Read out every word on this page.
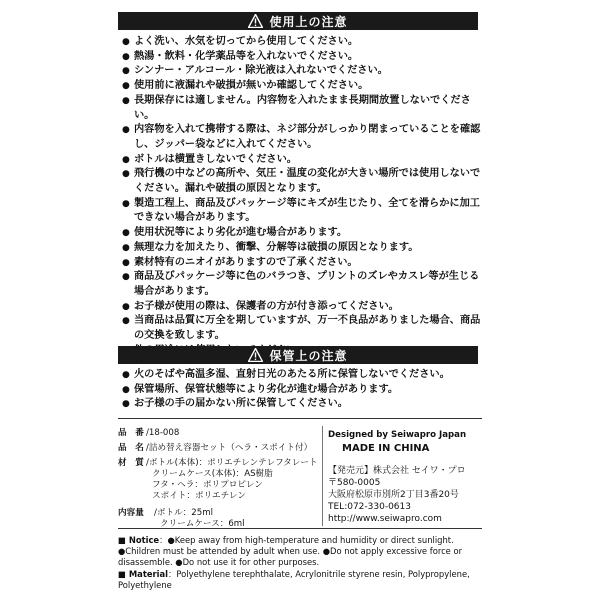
使用上の注意
● よく洗い、水気を切ってから使用してください。
● 熱湯・飲料・化学薬品等を入れないでください。
● シンナー・アルコール・除光液は入れないでください。
● 使用前に液漏れや破損が無いか確認してください。
● 長期保存には適しません。内容物を入れたまま長期間放置しないでください。
● 内容物を入れて携帯する際は、ネジ部分がしっかり閉まっていることを確認し、ジッパー袋などに入れてください。
● ボトルは横置きしないでください。
● 飛行機の中などの高所や、気圧・温度の変化が大きい場所では使用しないでください。漏れや破損の原因となります。
● 製造工程上、商品及びパッケージ等にキズが生じたり、全てを滑らかに加工できない場合があります。
● 使用状況等により劣化が進む場合があります。
● 無理な力を加えたり、衝撃、分解等は破損の原因となります。
● 素材特有のニオイがありますので了承ください。
● 商品及びパッケージ等に色のバラつき、プリントのズレやカスレ等が生じる場合があります。
● お子様が使用の際は、保護者の方が付き添ってください。
● 当商品は品質に万全を期していますが、万一不良品がありました場合、商品の交換を致します。
●
保管上の注意
● 火のそばや高温多湿、直射日光のあたる所に保管しないでください。
● 保管場所、保管状態等により劣化が進む場合があります。
● お子様の手の届かない所に保管してください。
品　番 /18-008
品　名 /詰め替え容器セット（ヘラ・スポイト付）
材　質 /ボトル(本体)：ポリエチレンテレフタレート
クリームケース(本体)：AS樹脂
フタ・ヘラ：ポリプロピレン
スポイト：ポリエチレン
内容量	/ボトル：25ml
クリームケース：6ml
Designed by Seiwapro Japan
MADE IN CHINA
【発売元】株式会社 セイワ・プロ
〒580-0005
大阪府松原市別所2丁目3番20号
TEL:072-330-0613
http://www.seiwapro.com
■ Notice：●Keep away from high-temperature and humidity or direct sunlight. ●Children must be attended by adult when use. ●Do not apply excessive force or disassemble. ●Do not use it for other purposes.
■ Material：Polyethylene terephthalate, Acrylonitrile styrene resin, Polypropylene, Polyethylene
